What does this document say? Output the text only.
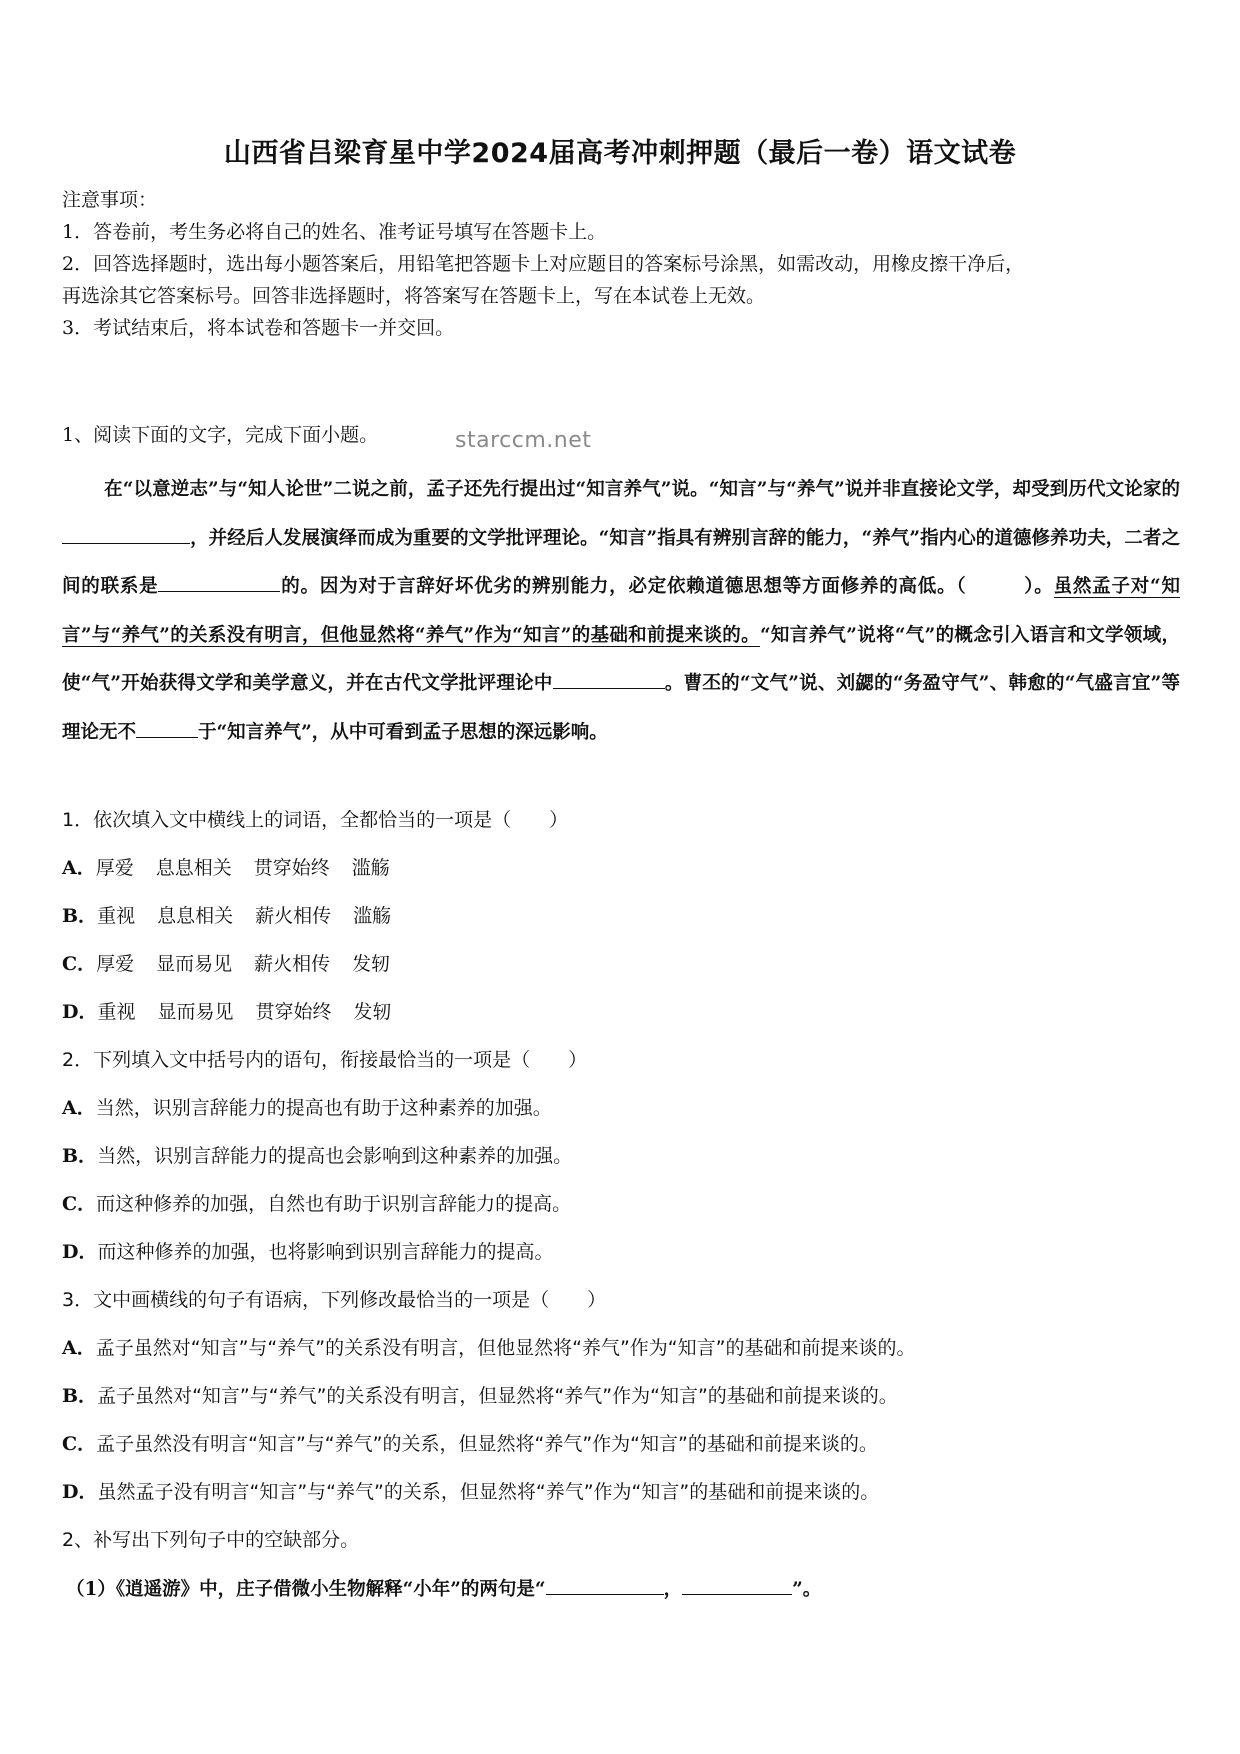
山西省吕梁育星中学2024届高考冲刺押题（最后一卷）语文试卷
注意事项：
1．答卷前，考生务必将自己的姓名、准考证号填写在答题卡上。
2．回答选择题时，选出每小题答案后，用铅笔把答题卡上对应题目的答案标号涂黑，如需改动，用橡皮擦干净后，
再选涂其它答案标号。回答非选择题时，将答案写在答题卡上，写在本试卷上无效。
3．考试结束后，将本试卷和答题卡一并交回。
1、阅读下面的文字，完成下面小题。	starccm.net
在“以意逆志”与“知人论世”二说之前，孟子还先行提出过“知言养气”说。“知言”与“养气”说并非直接论文学，却受到历代文论家的，并经后人发展演绎而成为重要的文学批评理论。“知言”指具有辨别言辞的能力，“养气”指内心的道德修养功夫，二者之间的联系是	的。因为对于言辞好坏优劣的辨别能力，必定依赖道德思想等方面修养的高低。（　　　）。虽然孟子对“知言”与“养气”的关系没有明言，但他显然将“养气”作为“知言”的基础和前提来谈的。“知言养气”说将“气”的概念引入语言和文学领域，使“气”开始获得文学和美学意义，并在古代文学批评理论中	。曹丕的“文气”说、刘勰的“务盈守气”、韩愈的“气盛言宜”等理论无不	于“知言养气”，从中可看到孟子思想的深远影响。
1．依次填入文中横线上的词语，全都恰当的一项是（　　）
A．厚爱 息息相关 贯穿始终 滥觞
B．重视 息息相关 薪火相传 滥觞
C．厚爱 显而易见 薪火相传 发轫
D．重视 显而易见 贯穿始终 发轫
2．下列填入文中括号内的语句，衔接最恰当的一项是（　　）
A．当然，识别言辞能力的提高也有助于这种素养的加强。
B．当然，识别言辞能力的提高也会影响到这种素养的加强。
C．而这种修养的加强，自然也有助于识别言辞能力的提高。
D．而这种修养的加强，也将影响到识别言辞能力的提高。
3．文中画横线的句子有语病，下列修改最恰当的一项是（　　）
A．孟子虽然对“知言”与“养气”的关系没有明言，但他显然将“养气”作为“知言”的基础和前提来谈的。
B．孟子虽然对“知言”与“养气”的关系没有明言，但显然将“养气”作为“知言”的基础和前提来谈的。
C．孟子虽然没有明言“知言”与“养气”的关系，但显然将“养气”作为“知言”的基础和前提来谈的。
D．虽然孟子没有明言“知言”与“养气”的关系，但显然将“养气”作为“知言”的基础和前提来谈的。
2、补写出下列句子中的空缺部分。
（1）《逍遥游》中，庄子借微小生物解释“小年”的两句是“	，	”。
